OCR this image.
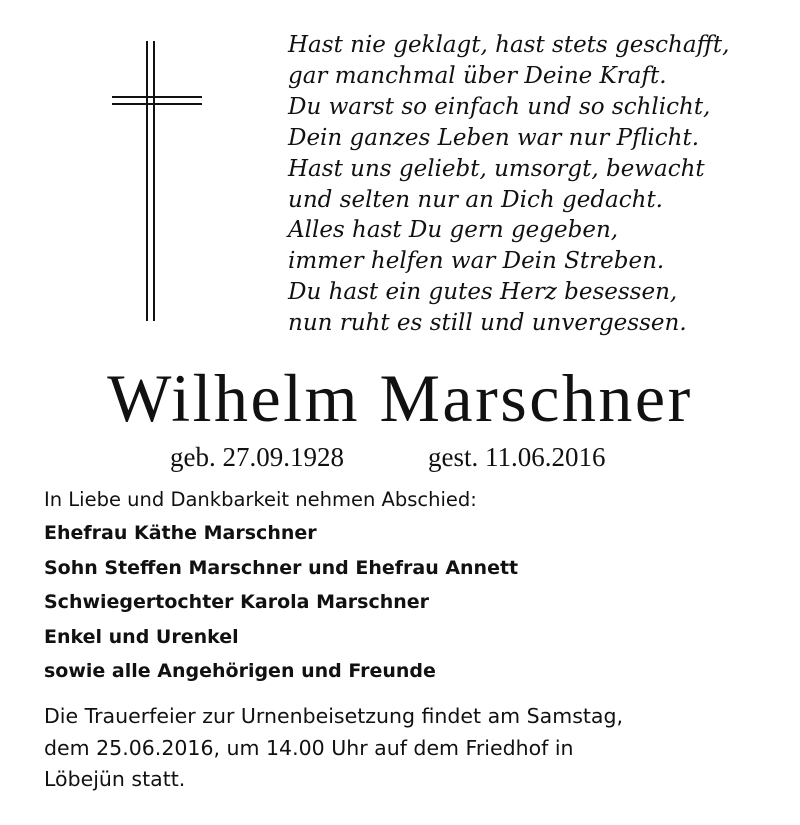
Hast nie geklagt, hast stets geschafft,
gar manchmal über Deine Kraft.
Du warst so einfach und so schlicht,
Dein ganzes Leben war nur Pflicht.
Hast uns geliebt, umsorgt, bewacht
und selten nur an Dich gedacht.
Alles hast Du gern gegeben,
immer helfen war Dein Streben.
Du hast ein gutes Herz besessen,
nun ruht es still und unvergessen.
Wilhelm Marschner
geb. 27.09.1928	gest. 11.06.2016
In Liebe und Dankbarkeit nehmen Abschied:
Ehefrau Käthe Marschner
Sohn Steffen Marschner und Ehefrau Annett
Schwiegertochter Karola Marschner
Enkel und Urenkel
sowie alle Angehörigen und Freunde
Die Trauerfeier zur Urnenbeisetzung findet am Samstag,
dem 25.06.2016, um 14.00 Uhr auf dem Friedhof in
Löbejün statt.
